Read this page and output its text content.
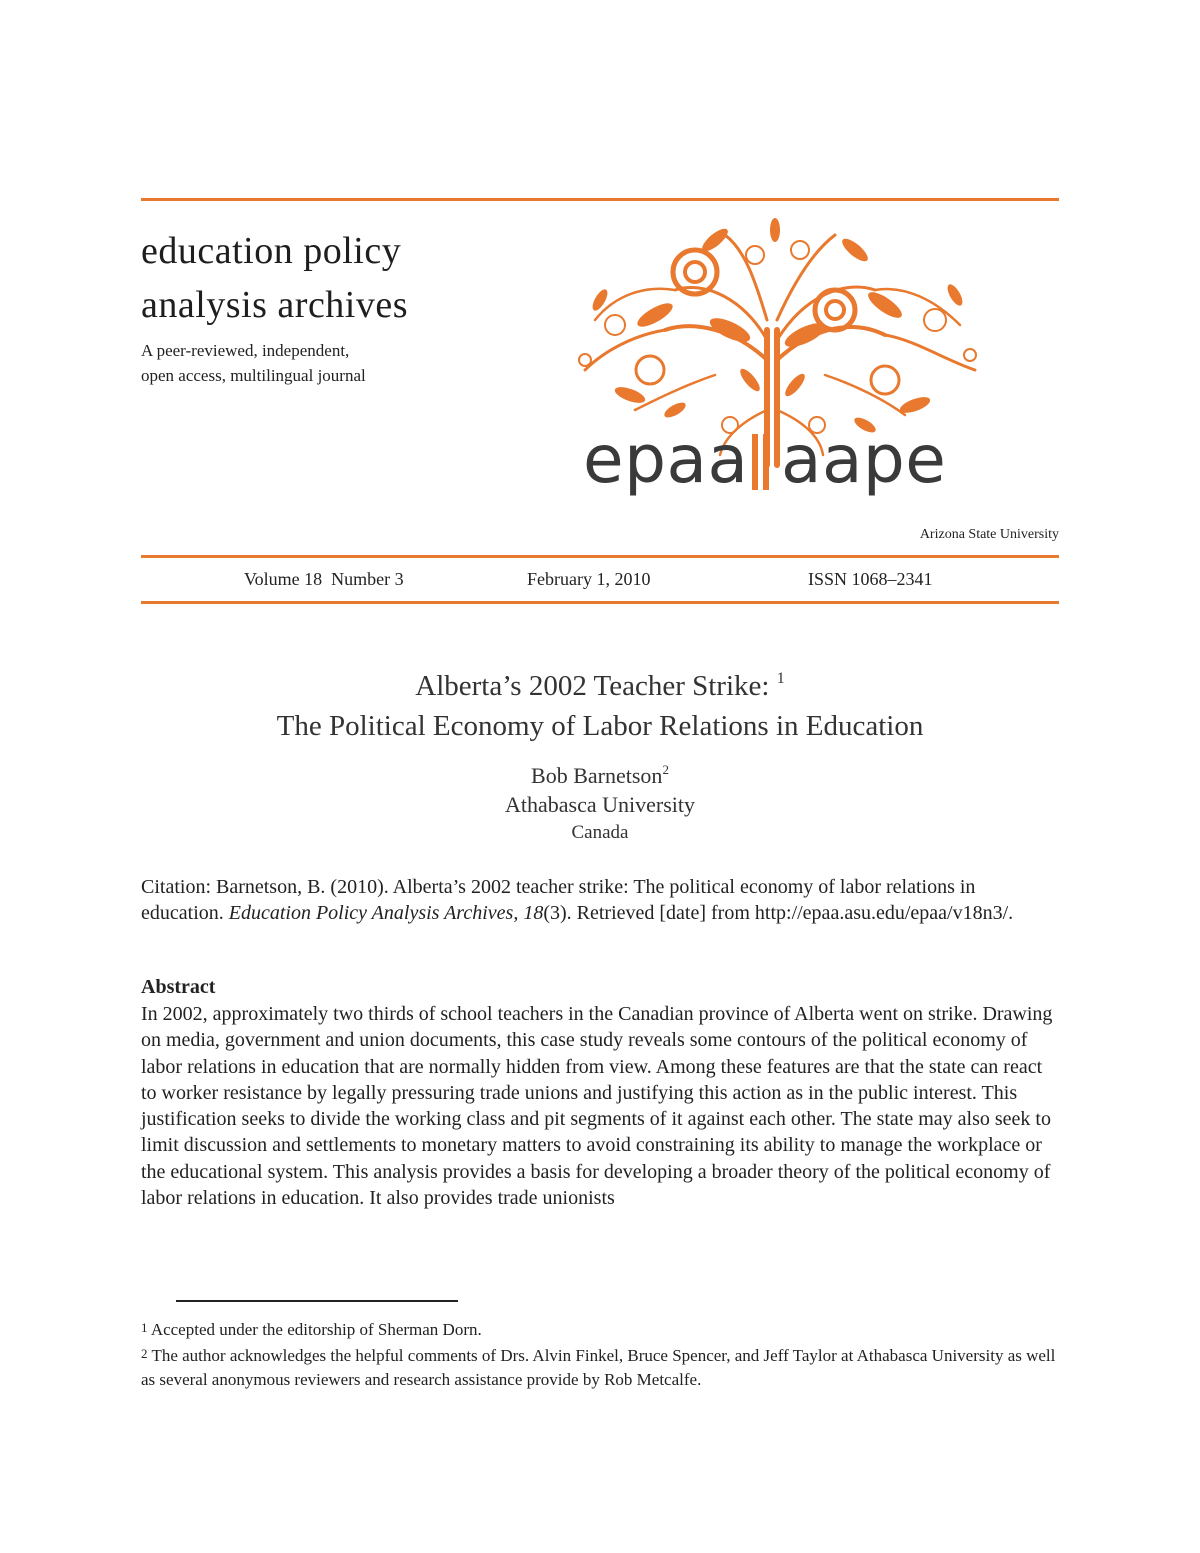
education policy
analysis archives
A peer-reviewed, independent,
open access, multilingual journal
epaa aape
Arizona State University
Volume 18  Number 3	February 1, 2010	ISSN 1068–2341
Alberta’s 2002 Teacher Strike: $^1$
The Political Economy of Labor Relations in Education
Bob Barnetson$^2$
Athabasca University
Canada
Citation: Barnetson, B. (2010). Alberta’s 2002 teacher strike: The political economy of labor relations in education. Education Policy Analysis Archives, 18(3). Retrieved [date] from http://epaa.asu.edu/epaa/v18n3/.
Abstract
In 2002, approximately two thirds of school teachers in the Canadian province of Alberta went on strike. Drawing on media, government and union documents, this case study reveals some contours of the political economy of labor relations in education that are normally hidden from view. Among these features are that the state can react to worker resistance by legally pressuring trade unions and justifying this action as in the public interest. This justification seeks to divide the working class and pit segments of it against each other. The state may also seek to limit discussion and settlements to monetary matters to avoid constraining its ability to manage the workplace or the educational system. This analysis provides a basis for developing a broader theory of the political economy of labor relations in education. It also provides trade unionists

1 Accepted under the editorship of Sherman Dorn.

2 The author acknowledges the helpful comments of Drs. Alvin Finkel, Bruce Spencer, and Jeff Taylor at Athabasca University as well as several anonymous reviewers and research assistance provide by Rob Metcalfe.
